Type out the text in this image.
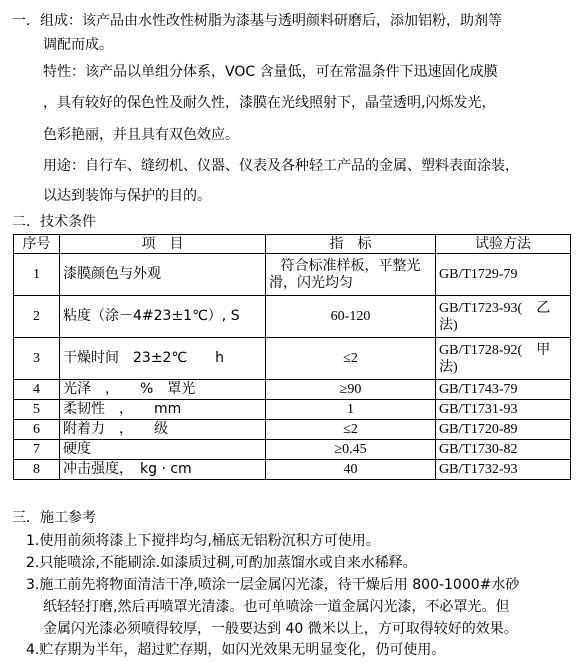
一．组成：该产品由水性改性树脂为漆基与透明颜料研磨后，添加铝粉，助剂等
调配而成。
特性：该产品以单组分体系，VOC 含量低，可在常温条件下迅速固化成膜
，具有较好的保色性及耐久性，漆膜在光线照射下，晶莹透明,闪烁发光，
色彩艳丽，并且具有双色效应。
用途：自行车、缝纫机、仪器、仪表及各种轻工产品的金属、塑料表面涂装，
以达到装饰与保护的目的。
二．技术条件
序号	项　目	指　标	试验方法
1	漆膜颜色与外观	符合标准样板，平整光
滑，闪光均匀	GB/T1729-79
2	粘度（涂－4#23±1℃）, S	60-120	GB/T1723-93(　乙
法)

3	干燥时间　23±2℃　　h	≤2	GB/T1728-92(　甲
法)

4	光泽　，　　%　罩光	≥90	GB/T1743-79
5	柔韧性　，　　mm	1	GB/T1731-93
6	附着力　，　　级	≤2	GB/T1720-89
7	硬度	≥0.45	GB/T1730-82
8	冲击强度，　kg · cm	40	GB/T1732-93
三．施工参考
1.使用前须将漆上下搅拌均匀,桶底无铝粉沉积方可使用。
2.只能喷涂,不能刷涂.如漆质过稠,可酌加蒸馏水或自来水稀释。
3.施工前先将物面清洁干净,喷涂一层金属闪光漆，待干燥后用 800-1000#水砂
纸轻轻打磨,然后再喷罩光清漆。也可单喷涂一道金属闪光漆，不必罩光。但
金属闪光漆必须喷得较厚，一般要达到 40 微米以上，方可取得较好的效果。
4.贮存期为半年，超过贮存期，如闪光效果无明显变化，仍可使用。
